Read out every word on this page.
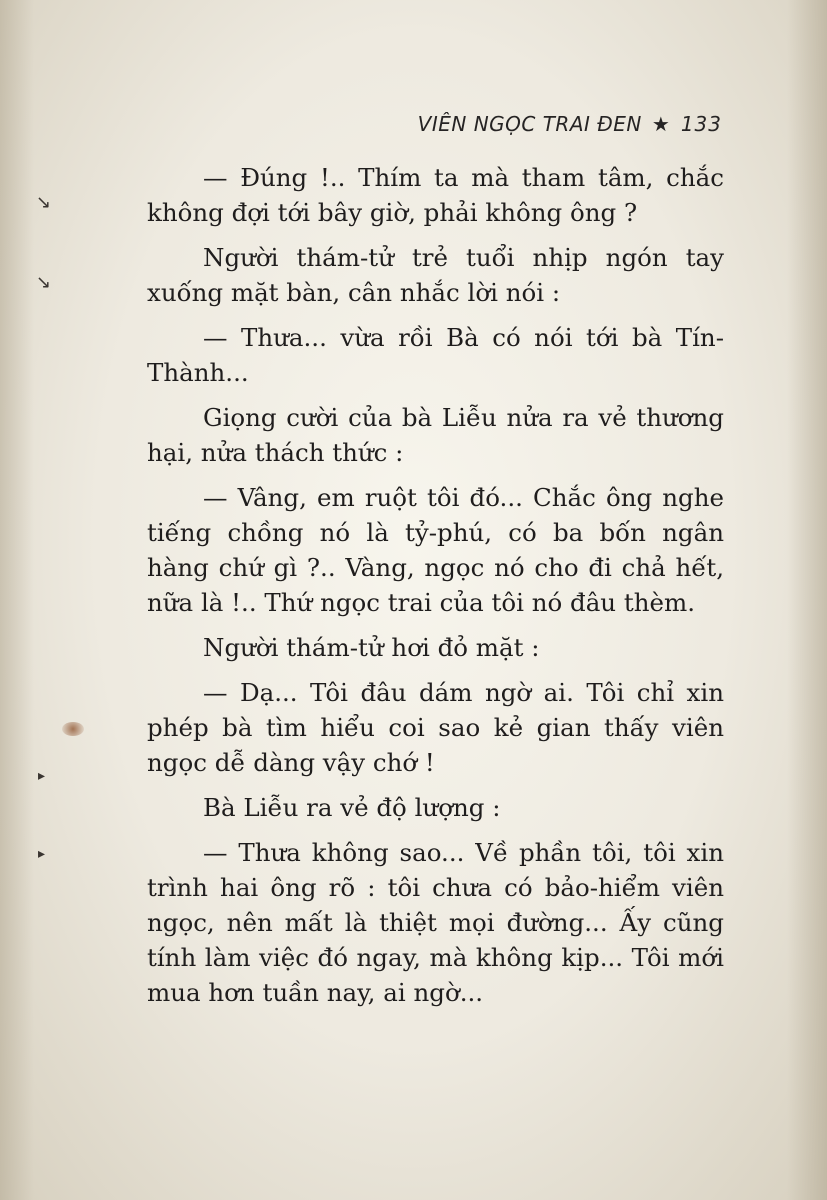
↘
↘
▸
▸
VIÊN NGỌC TRAI ĐEN ★ 133

— Đúng !.. Thím ta mà tham tâm, chắc không đợi tới bây giờ, phải không ông ?

Người thám-tử trẻ tuổi nhịp ngón tay xuống mặt bàn, cân nhắc lời nói :

— Thưa... vừa rồi Bà có nói tới bà Tín-Thành...

Giọng cười của bà Liễu nửa ra vẻ thương hại, nửa thách thức :

— Vâng, em ruột tôi đó... Chắc ông nghe tiếng chồng nó là tỷ-phú, có ba bốn ngân hàng chứ gì ?.. Vàng, ngọc nó cho đi chả hết, nữa là !.. Thứ ngọc trai của tôi nó đâu thèm.

Người thám-tử hơi đỏ mặt :

— Dạ... Tôi đâu dám ngờ ai. Tôi chỉ xin phép bà tìm hiểu coi sao kẻ gian thấy viên ngọc dễ dàng vậy chớ !

Bà Liễu ra vẻ độ lượng :

— Thưa không sao... Về phần tôi, tôi xin trình hai ông rõ : tôi chưa có bảo-hiểm viên ngọc, nên mất là thiệt mọi đường... Ấy cũng tính làm việc đó ngay, mà không kịp... Tôi mới mua hơn tuần nay, ai ngờ...
